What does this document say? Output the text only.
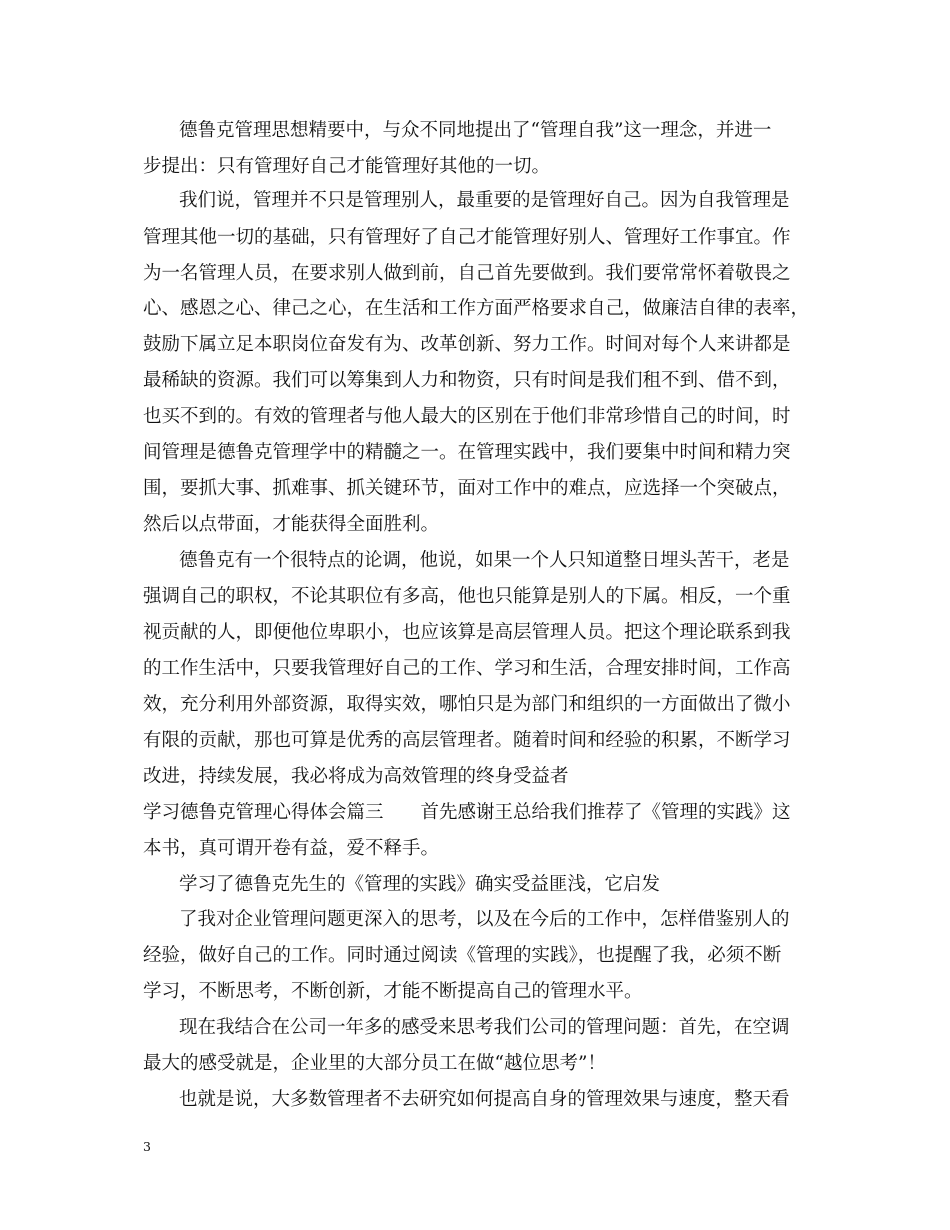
德鲁克管理思想精要中，与众不同地提出了“管理自我”这一理念，并进一
步提出：只有管理好自己才能管理好其他的一切。
我们说，管理并不只是管理别人，最重要的是管理好自己。因为自我管理是
管理其他一切的基础，只有管理好了自己才能管理好别人、管理好工作事宜。作
为一名管理人员，在要求别人做到前，自己首先要做到。我们要常常怀着敬畏之
心、感恩之心、律己之心，在生活和工作方面严格要求自己，做廉洁自律的表率，
鼓励下属立足本职岗位奋发有为、改革创新、努力工作。时间对每个人来讲都是
最稀缺的资源。我们可以筹集到人力和物资，只有时间是我们租不到、借不到，
也买不到的。有效的管理者与他人最大的区别在于他们非常珍惜自己的时间，时
间管理是德鲁克管理学中的精髓之一。在管理实践中，我们要集中时间和精力突
围，要抓大事、抓难事、抓关键环节，面对工作中的难点，应选择一个突破点，
然后以点带面，才能获得全面胜利。
德鲁克有一个很特点的论调，他说，如果一个人只知道整日埋头苦干，老是
强调自己的职权，不论其职位有多高，他也只能算是别人的下属。相反，一个重
视贡献的人，即便他位卑职小，也应该算是高层管理人员。把这个理论联系到我
的工作生活中，只要我管理好自己的工作、学习和生活，合理安排时间，工作高
效，充分利用外部资源，取得实效，哪怕只是为部门和组织的一方面做出了微小
有限的贡献，那也可算是优秀的高层管理者。随着时间和经验的积累，不断学习
改进，持续发展，我必将成为高效管理的终身受益者
学习德鲁克管理心得体会篇三　　首先感谢王总给我们推荐了《管理的实践》这
本书，真可谓开卷有益，爱不释手。
学习了德鲁克先生的《管理的实践》确实受益匪浅，它启发
了我对企业管理问题更深入的思考，以及在今后的工作中，怎样借鉴别人的
经验，做好自己的工作。同时通过阅读《管理的实践》，也提醒了我，必须不断
学习，不断思考，不断创新，才能不断提高自己的管理水平。
现在我结合在公司一年多的感受来思考我们公司的管理问题：首先，在空调
最大的感受就是，企业里的大部分员工在做“越位思考”！
也就是说，大多数管理者不去研究如何提高自身的管理效果与速度，整天看
3
